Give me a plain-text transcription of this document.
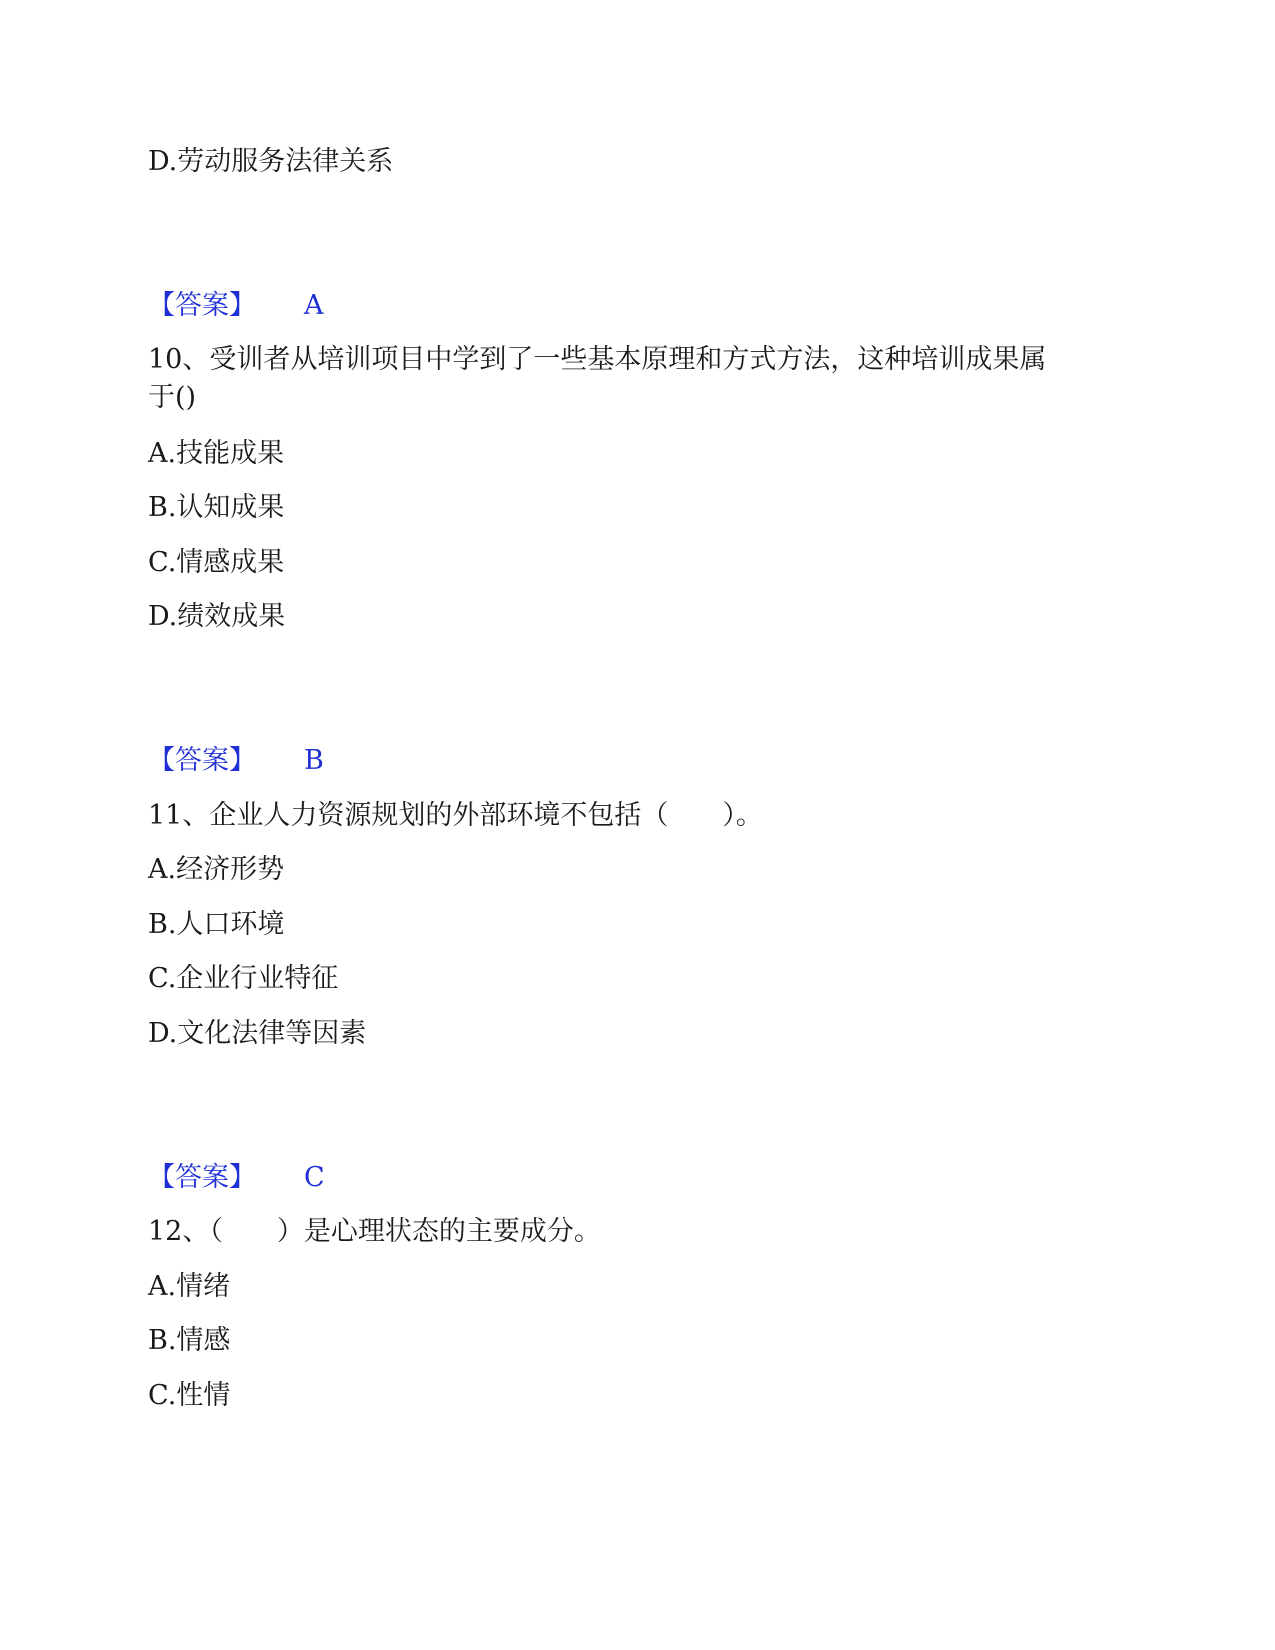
D.劳动服务法律关系
【答案】 A
10、受训者从培训项目中学到了一些基本原理和方式方法，这种培训成果属
于()
A.技能成果
B.认知成果
C.情感成果
D.绩效成果
【答案】 B
11、企业人力资源规划的外部环境不包括（　　）。
A.经济形势
B.人口环境
C.企业行业特征
D.文化法律等因素
【答案】 C
12、（　　）是心理状态的主要成分。
A.情绪
B.情感
C.性情
